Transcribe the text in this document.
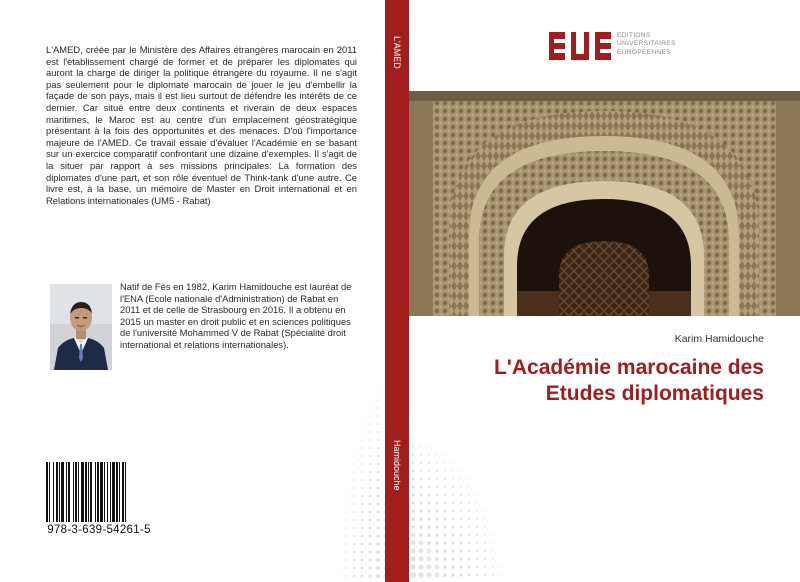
L'AMED, créée par le Ministère des Affaires étrangères marocain en 2011 est l'établissement chargé de former et de préparer les diplomates qui auront la charge de diriger la politique étrangère du royaume. Il ne s'agit pas seulement pour le diplomate marocain de jouer le jeu d'embellir la façade de son pays, mais il est lieu surtout de défendre les intérêts de ce dernier. Car situé entre deux continents et riverain de deux espaces maritimes, le Maroc est au centre d'un emplacement géostratégique présentant à la fois des opportunités et des menaces. D'où l'importance majeure de l'AMED. Ce travail essaie d'évaluer l'Académie en se basant sur un exercice comparatif confrontant une dizaine d'exemples. Il s'agit de la situer par rapport à ses missions principales: La formation des diplomates d'une part, et son rôle éventuel de Think-tank d'une autre. Ce livre est, à la base, un mémoire de Master en Droit international et en Relations internationales (UM5 - Rabat)

Natif de Fès en 1982, Karim Hamidouche est lauréat de l'ENA (Ecole nationale d'Administration) de Rabat en 2011 et de celle de Strasbourg en 2016. Il a obtenu en 2015 un master en droit public et en sciences politiques de l'université Mohammed V de Rabat (Spécialité droit international et relations internationales).

978-3-639-54261-5
L'AMED
Hamidouche
EDITIONS
UNIVERSITAIRES
EUROPEENNES
Karim Hamidouche
L'Académie marocaine des
Etudes diplomatiques
